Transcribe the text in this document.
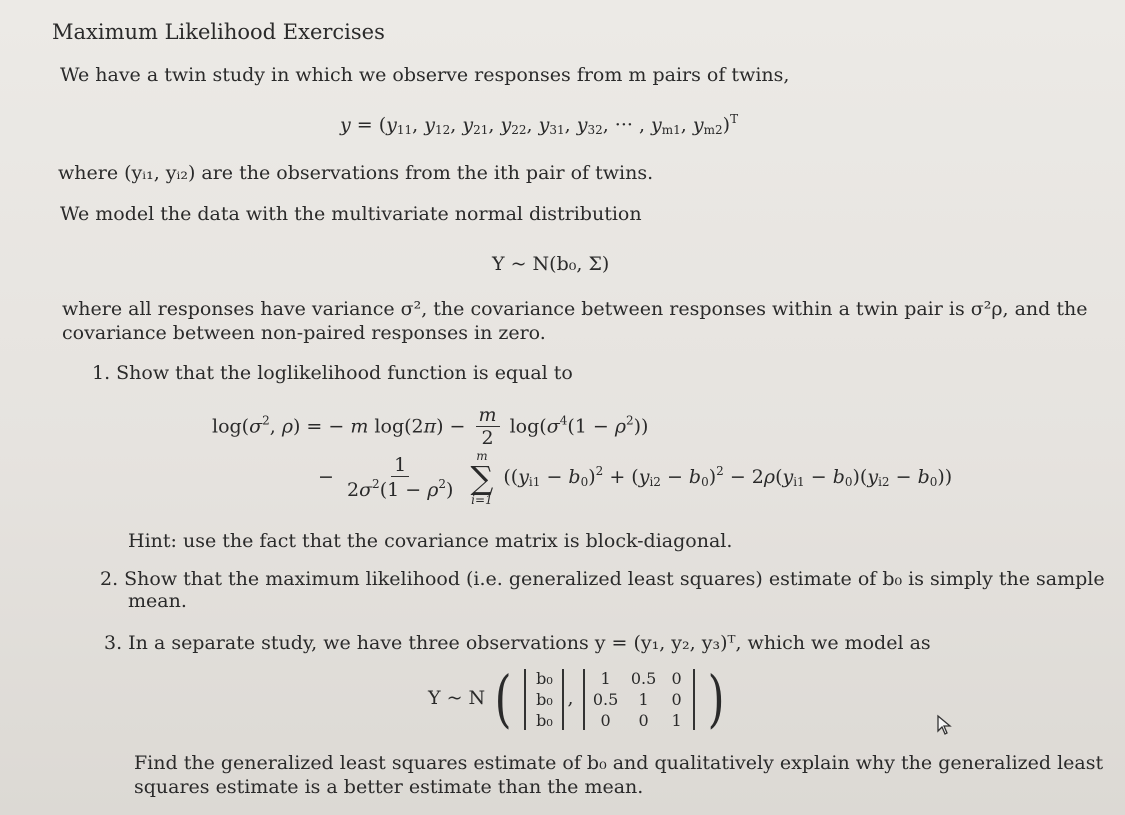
Maximum Likelihood Exercises
We have a twin study in which we observe responses from m pairs of twins,
$y = (y_{11}$, $y_{12}$, $y_{21}$, $y_{22}$, $y_{31}$, $y_{32}$, ··· , $y_{m1}$, $y_{m2})^T$
where (yᵢ₁, yᵢ₂) are the observations from the ith pair of twins.
We model the data with the multivariate normal distribution
Y ~ N(b₀, Σ)
where all responses have variance σ², the covariance between responses within a twin pair is σ²ρ, and the
covariance between non-paired responses in zero.
1. Show that the loglikelihood function is equal to
$\log(\sigma^2$, ρ) = − m $\log(2\pi) - \frac{m}{2} \log(\sigma^4(1 - \rho^2))$
− $\frac{1}{2\sigma^2(1 - \rho^2)}$
m
∑
i=1
$((y_{i1} - b_0)^2 + (y_{i2} - b_0)^2 - 2\rho(y_{i1} - b_0)(y_{i2} - b_0))$
Hint: use the fact that the covariance matrix is block-diagonal.
2. Show that the maximum likelihood (i.e. generalized least squares) estimate of b₀ is simply the sample
mean.
3. In a separate study, we have three observations y = (y₁, y₂, y₃)ᵀ, which we model as
Y ~ N ( b₀
b₀
b₀
,
1	0.5 0
0.5	1	0
0	0	1 )
Find the generalized least squares estimate of b₀ and qualitatively explain why the generalized least
squares estimate is a better estimate than the mean.
